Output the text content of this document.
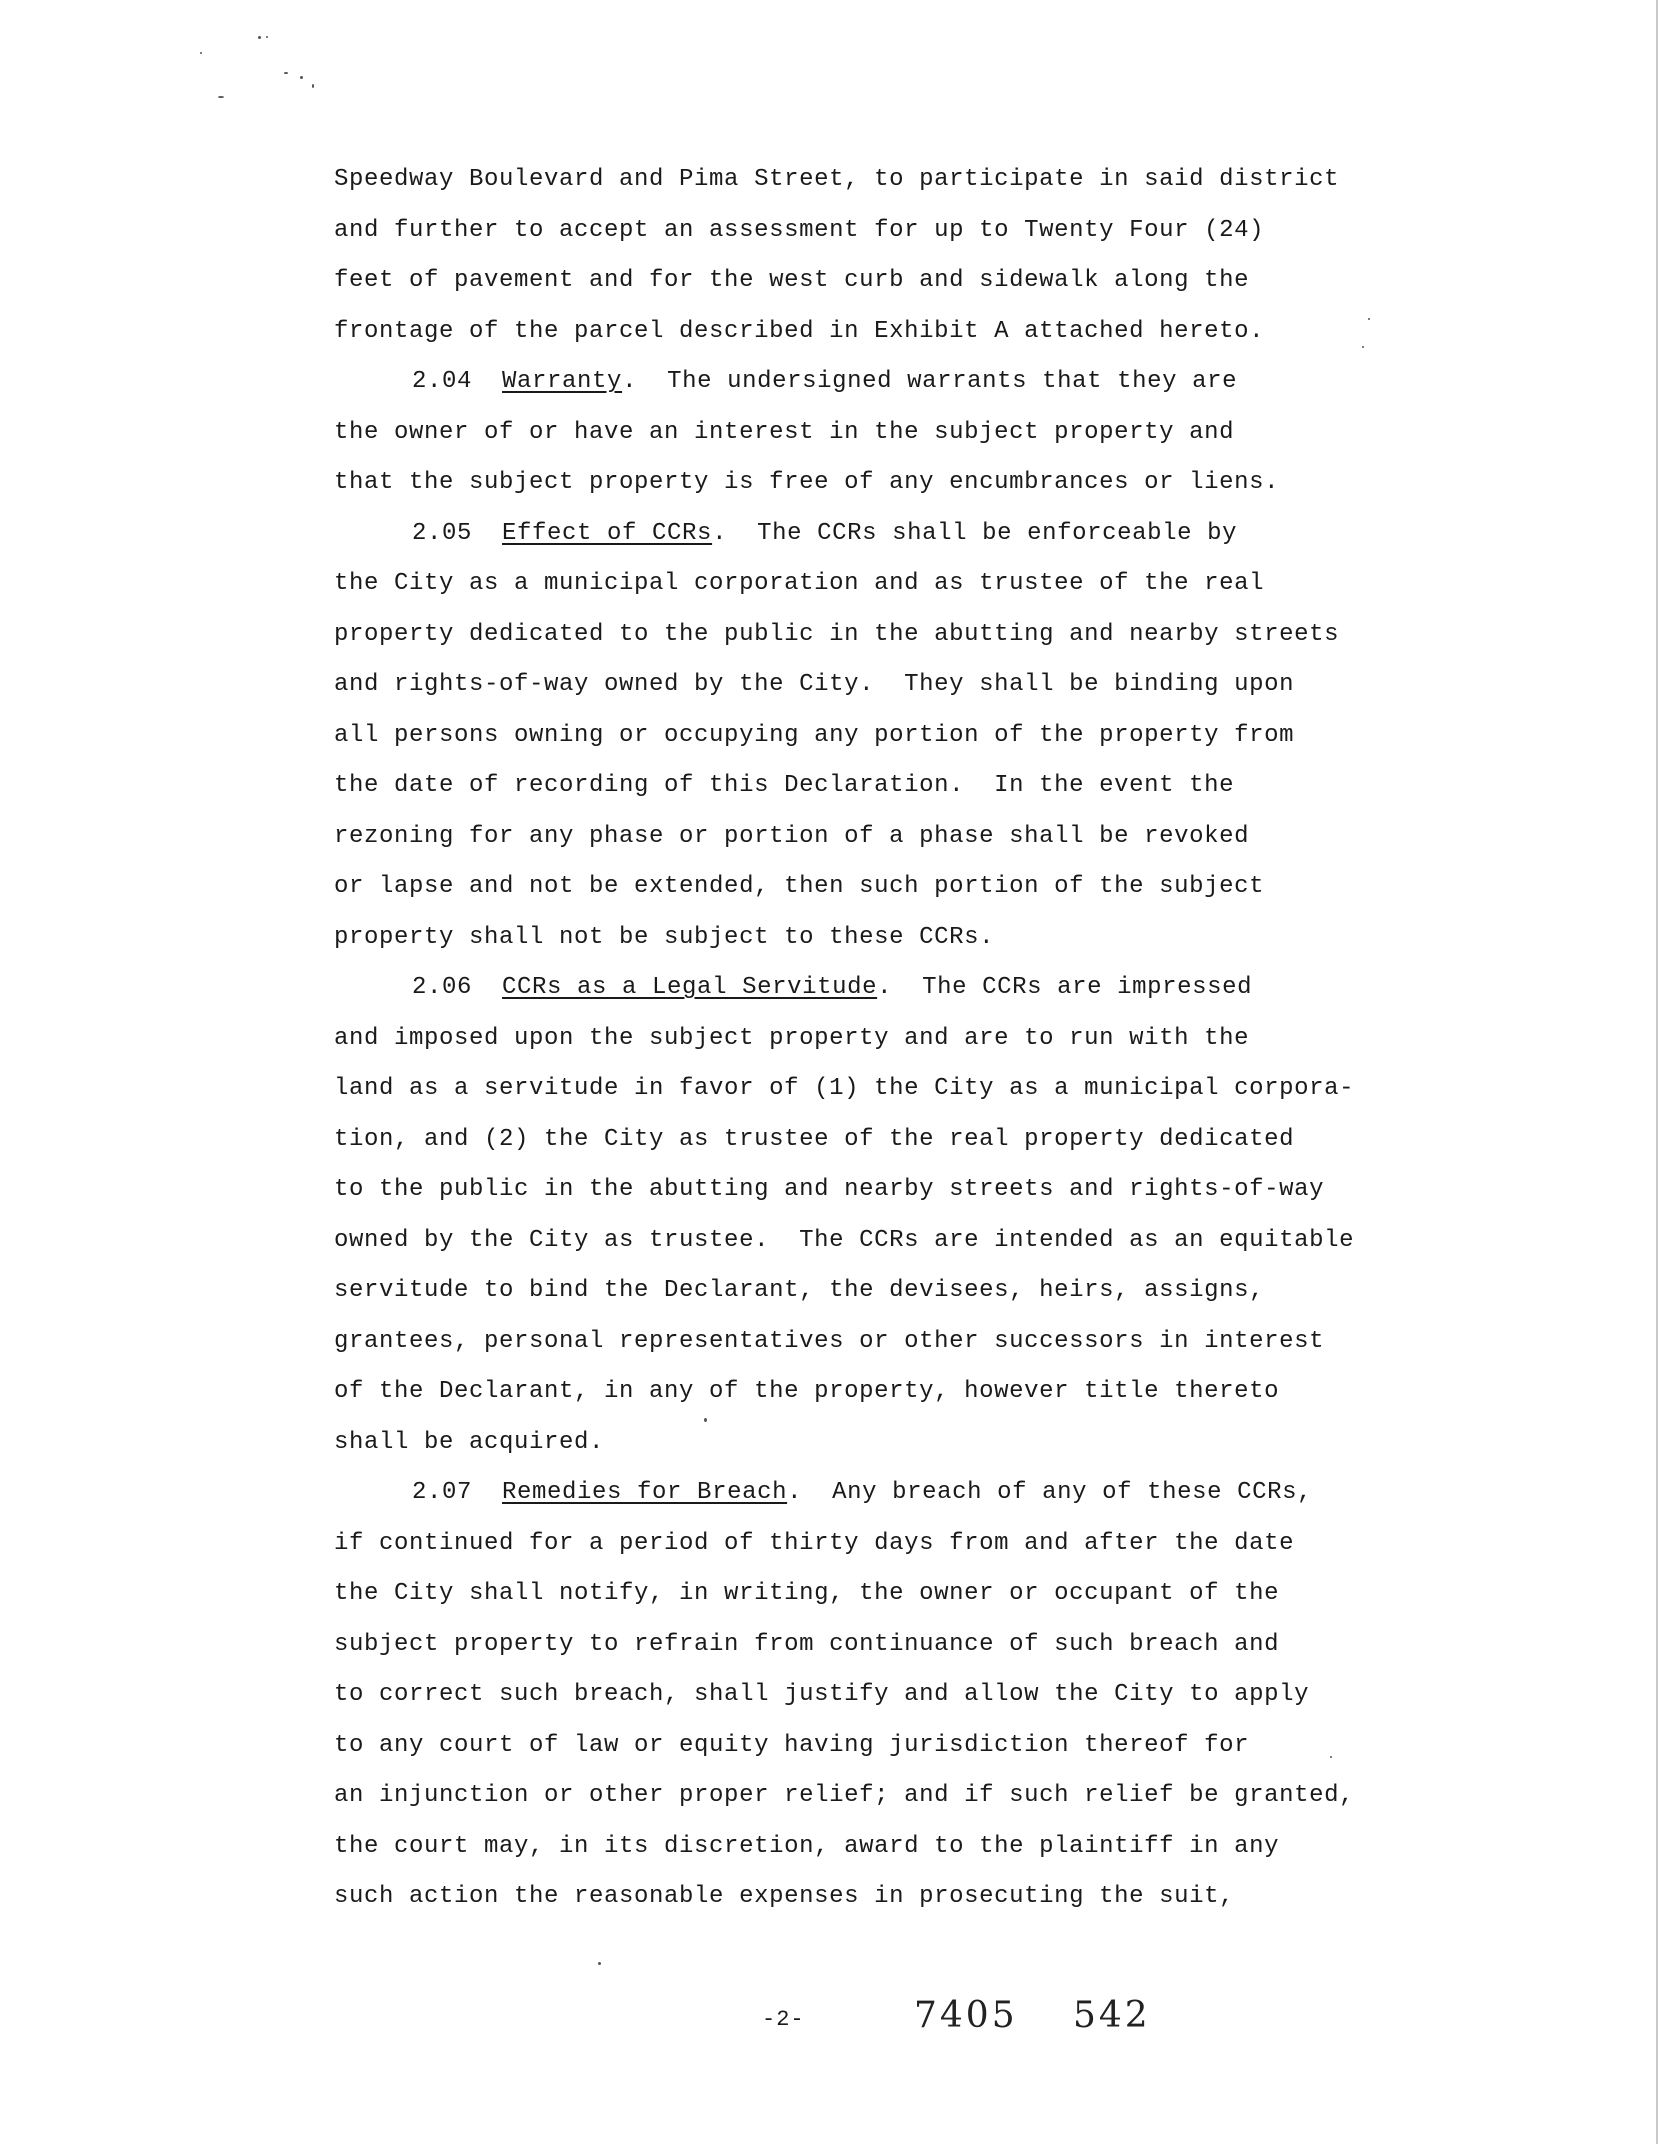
Speedway Boulevard and Pima Street, to participate in said district
and further to accept an assessment for up to Twenty Four (24)
feet of pavement and for the west curb and sidewalk along the
frontage of the parcel described in Exhibit A attached hereto.
2.04 Warranty.  The undersigned warrants that they are
the owner of or have an interest in the subject property and
that the subject property is free of any encumbrances or liens.
2.05 Effect of CCRs.  The CCRs shall be enforceable by
the City as a municipal corporation and as trustee of the real
property dedicated to the public in the abutting and nearby streets
and rights-of-way owned by the City.  They shall be binding upon
all persons owning or occupying any portion of the property from
the date of recording of this Declaration.  In the event the
rezoning for any phase or portion of a phase shall be revoked
or lapse and not be extended, then such portion of the subject
property shall not be subject to these CCRs.
2.06 CCRs as a Legal Servitude.  The CCRs are impressed
and imposed upon the subject property and are to run with the
land as a servitude in favor of (1) the City as a municipal corpora-
tion, and (2) the City as trustee of the real property dedicated
to the public in the abutting and nearby streets and rights-of-way
owned by the City as trustee.  The CCRs are intended as an equitable
servitude to bind the Declarant, the devisees, heirs, assigns,
grantees, personal representatives or other successors in interest
of the Declarant, in any of the property, however title thereto
shall be acquired.
2.07 Remedies for Breach.  Any breach of any of these CCRs,
if continued for a period of thirty days from and after the date
the City shall notify, in writing, the owner or occupant of the
subject property to refrain from continuance of such breach and
to correct such breach, shall justify and allow the City to apply
to any court of law or equity having jurisdiction thereof for
an injunction or other proper relief; and if such relief be granted,
the court may, in its discretion, award to the plaintiff in any
such action the reasonable expenses in prosecuting the suit,
-2-	7405 542
